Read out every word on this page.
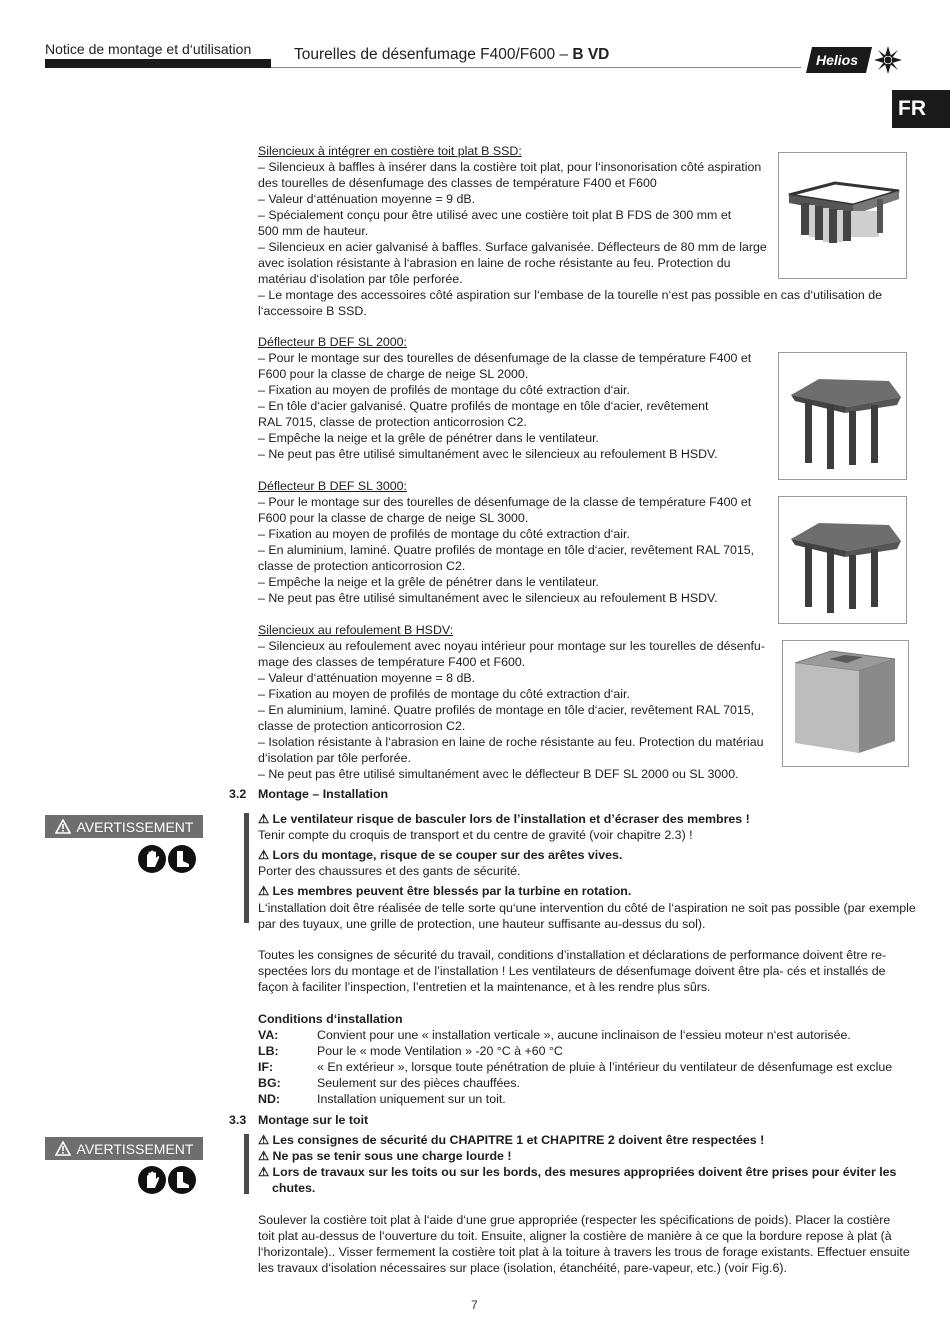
Notice de montage et d‘utilisation	Tourelles de désenfumage F400/F600 – B VD	Helios
FR
Silencieux à intégrer en costière toit plat B SSD:
– Silencieux à baffles à insérer dans la costière toit plat, pour l‘insonorisation côté aspiration
des tourelles de désenfumage des classes de température F400 et F600
– Valeur d‘atténuation moyenne = 9 dB.
– Spécialement conçu pour être utilisé avec une costière toit plat B FDS de 300 mm et
500 mm de hauteur.
– Silencieux en acier galvanisé à baffles. Surface galvanisée. Déflecteurs de 80 mm de large
avec isolation résistante à l‘abrasion en laine de roche résistante au feu. Protection du
matériau d‘isolation par tôle perforée.
– Le montage des accessoires côté aspiration sur l‘embase de la tourelle n‘est pas possible en cas d‘utilisation de
l‘accessoire B SSD.
Déflecteur B DEF SL 2000:
– Pour le montage sur des tourelles de désenfumage de la classe de température F400 et
F600 pour la classe de charge de neige SL 2000.
– Fixation au moyen de profilés de montage du côté extraction d‘air.
– En tôle d‘acier galvanisé. Quatre profilés de montage en tôle d‘acier, revêtement
RAL 7015, classe de protection anticorrosion C2.
– Empêche la neige et la grêle de pénétrer dans le ventilateur.
– Ne peut pas être utilisé simultanément avec le silencieux au refoulement B HSDV.
Déflecteur B DEF SL 3000:
– Pour le montage sur des tourelles de désenfumage de la classe de température F400 et
F600 pour la classe de charge de neige SL 3000.
– Fixation au moyen de profilés de montage du côté extraction d‘air.
– En aluminium, laminé. Quatre profilés de montage en tôle d‘acier, revêtement RAL 7015,
classe de protection anticorrosion C2.
– Empêche la neige et la grêle de pénétrer dans le ventilateur.
– Ne peut pas être utilisé simultanément avec le silencieux au refoulement B HSDV.
Silencieux au refoulement B HSDV:
– Silencieux au refoulement avec noyau intérieur pour montage sur les tourelles de désenfu-
mage des classes de température F400 et F600.
– Valeur d‘atténuation moyenne = 8 dB.
– Fixation au moyen de profilés de montage du côté extraction d‘air.
– En aluminium, laminé. Quatre profilés de montage en tôle d‘acier, revêtement RAL 7015,
classe de protection anticorrosion C2.
– Isolation résistante à l‘abrasion en laine de roche résistante au feu. Protection du matériau
d‘isolation par tôle perforée.
– Ne peut pas être utilisé simultanément avec le déflecteur B DEF SL 2000 ou SL 3000.
3.2 Montage – Installation
AVERTISSEMENT	⚠ Le ventilateur risque de basculer lors de l’installation et d’écraser des membres !
Tenir compte du croquis de transport et du centre de gravité (voir chapitre 2.3) !
⚠ Lors du montage, risque de se couper sur des arêtes vives.
Porter des chaussures et des gants de sécurité.
⚠ Les membres peuvent être blessés par la turbine en rotation.
L‘installation doit être réalisée de telle sorte qu‘une intervention du côté de l‘aspiration ne soit pas possible (par exemple
par des tuyaux, une grille de protection, une hauteur suffisante au-dessus du sol).
Toutes les consignes de sécurité du travail, conditions d’installation et déclarations de performance doivent être re-
spectées lors du montage et de l’installation ! Les ventilateurs de désenfumage doivent être pla- cés et installés de
façon à faciliter l’inspection, l’entretien et la maintenance, et à les rendre plus sûrs.
Conditions d‘installation
VA:	Convient pour une « installation verticale », aucune inclinaison de l‘essieu moteur n‘est autorisée.
LB:	Pour le « mode Ventilation » -20 °C à +60 °C
IF:	« En extérieur », lorsque toute pénétration de pluie à l’intérieur du ventilateur de désenfumage est exclue
BG:	Seulement sur des pièces chauffées.
ND:	Installation uniquement sur un toit.
3.3 Montage sur le toit
AVERTISSEMENT
⚠ Les consignes de sécurité du CHAPITRE 1 et CHAPITRE 2 doivent être respectées !
⚠ Ne pas se tenir sous une charge lourde !
⚠ Lors de travaux sur les toits ou sur les bords, des mesures appropriées doivent être prises pour éviter les
chutes.
Soulever la costière toit plat à l‘aide d‘une grue appropriée (respecter les spécifications de poids). Placer la costière
toit plat au-dessus de l‘ouverture du toit. Ensuite, aligner la costière de manière à ce que la bordure repose à plat (à
l‘horizontale).. Visser fermement la costière toit plat à la toiture à travers les trous de forage existants. Effectuer ensuite
les travaux d‘isolation nécessaires sur place (isolation, étanchéité, pare-vapeur, etc.) (voir Fig.6).
7
